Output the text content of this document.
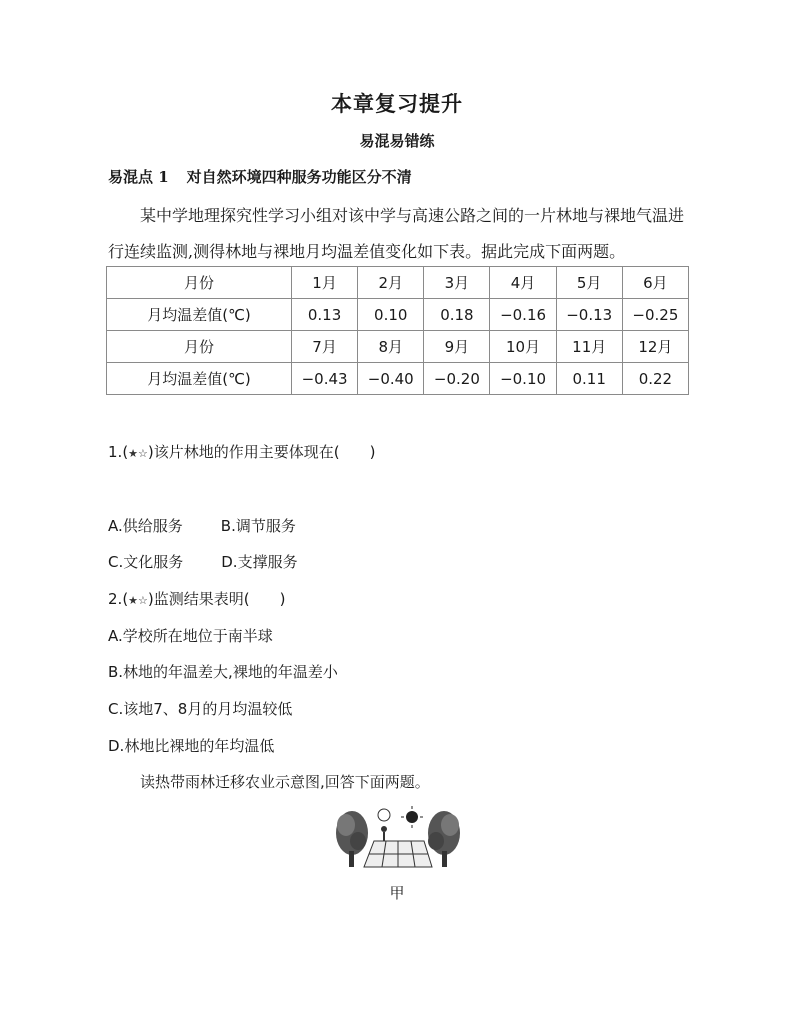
本章复习提升
易混易错练
易混点 1 对自然环境四种服务功能区分不清
某中学地理探究性学习小组对该中学与高速公路之间的一片林地与裸地气温进行连续监测,测得林地与裸地月均温差值变化如下表。据此完成下面两题。
月份	1月	2月	3月	4月	5月	6月
月均温差值(℃)	0.13	0.10	0.18	−0.16	−0.13	−0.25
月份	7月	8月	9月	10月	11月	12月
月均温差值(℃)	−0.43	−0.40	−0.20	−0.10	0.11	0.22
1.(★☆)该片林地的作用主要体现在(　　)
A.供给服务	B.调节服务
C.文化服务	D.支撑服务
2.(★☆)监测结果表明(　　)
A.学校所在地位于南半球
B.林地的年温差大,裸地的年温差小
C.该地7、8月的月均温较低
D.林地比裸地的年均温低
读热带雨林迁移农业示意图,回答下面两题。
甲
